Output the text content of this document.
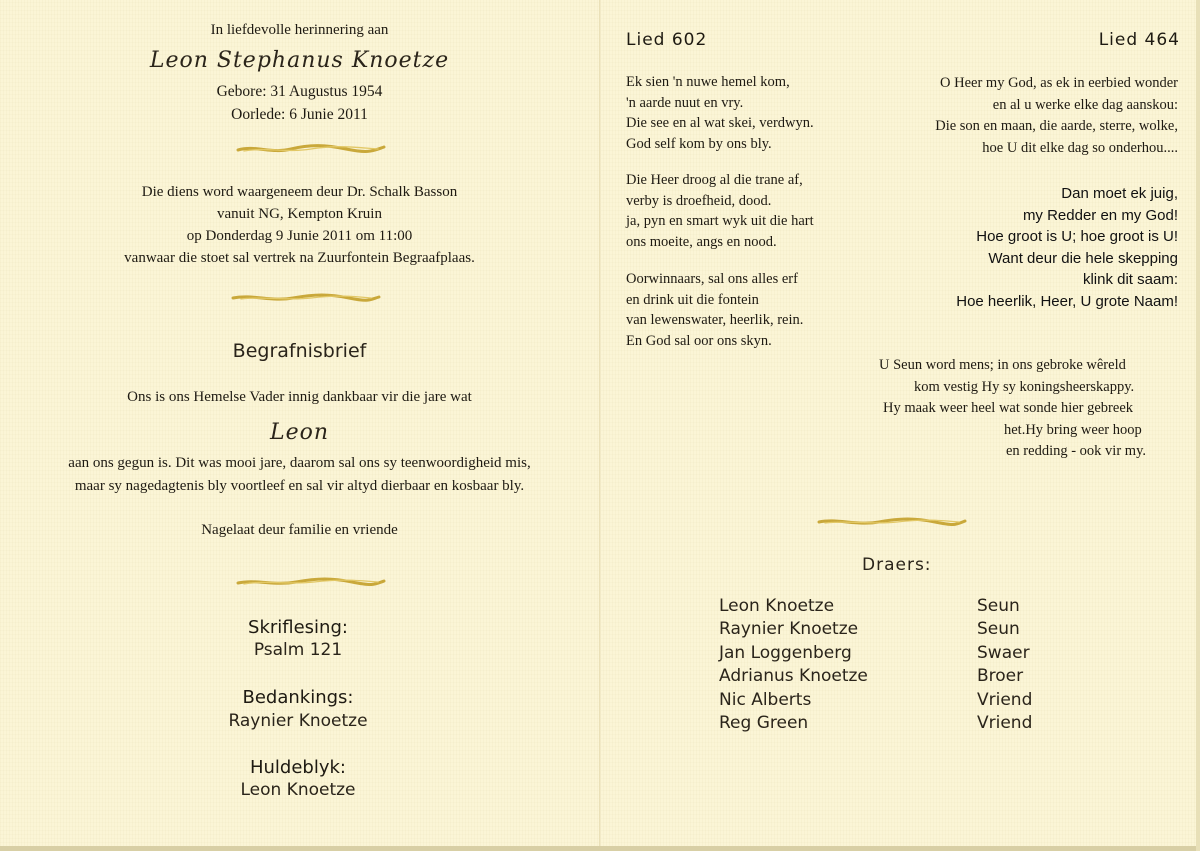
In liefdevolle herinnering aan
Leon Stephanus Knoetze
Gebore: 31 Augustus 1954
Oorlede: 6 Junie 2011
Die diens word waargeneem deur Dr. Schalk Basson
vanuit NG, Kempton Kruin
op Donderdag 9 Junie 2011 om 11:00
vanwaar die stoet sal vertrek na Zuurfontein Begraafplaas.
Begrafnisbrief
Ons is ons Hemelse Vader innig dankbaar vir die jare wat
Leon
aan ons gegun is. Dit was mooi jare, daarom sal ons sy teenwoordigheid mis,
maar sy nagedagtenis bly voortleef en sal vir altyd dierbaar en kosbaar bly.
Nagelaat deur familie en vriende
Skriflesing:
Psalm 121
Bedankings:
Raynier Knoetze
Huldeblyk:
Leon Knoetze
Lied 602	Lied 464
Ek sien 'n nuwe hemel kom,
'n aarde nuut en vry.
Die see en al wat skei, verdwyn.
God self kom by ons bly.
Die Heer droog al die trane af,
verby is droefheid, dood.
ja, pyn en smart wyk uit die hart
ons moeite, angs en nood.
Oorwinnaars, sal ons alles erf
en drink uit die fontein
van lewenswater, heerlik, rein.
En God sal oor ons skyn.
O Heer my God, as ek in eerbied wonder
en al u werke elke dag aanskou:
Die son en maan, die aarde, sterre, wolke,
hoe U dit elke dag so onderhou....
Dan moet ek juig,
my Redder en my God!
Hoe groot is U; hoe groot is U!
Want deur die hele skepping
klink dit saam:
Hoe heerlik, Heer, U grote Naam!
U Seun word mens; in ons gebroke wêreld
kom vestig Hy sy koningsheerskappy.
Hy maak weer heel wat sonde hier gebreek
het.Hy bring weer hoop
en redding - ook vir my.
Draers:
Leon Knoetze
Raynier Knoetze
Jan Loggenberg
Adrianus Knoetze
Nic Alberts
Reg Green
Seun
Seun
Swaer
Broer
Vriend
Vriend
